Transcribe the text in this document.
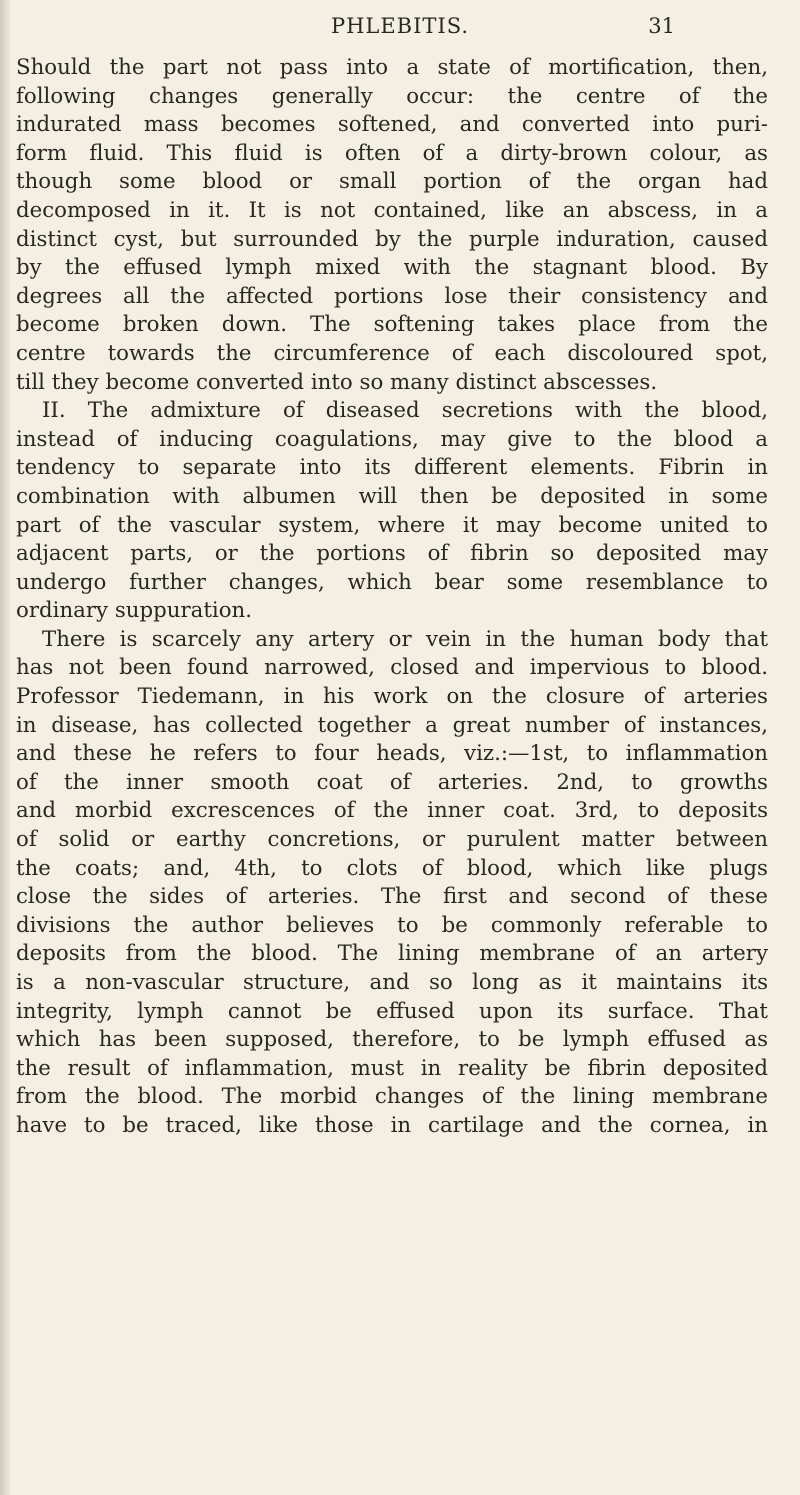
PHLEBITIS.	31
Should the part not pass into a state of mortification, then,
following changes generally occur: the centre of the
indurated mass becomes softened, and converted into puri-
form fluid. This fluid is often of a dirty-brown colour, as
though some blood or small portion of the organ had
decomposed in it. It is not contained, like an abscess, in a
distinct cyst, but surrounded by the purple induration, caused
by the effused lymph mixed with the stagnant blood. By
degrees all the affected portions lose their consistency and
become broken down. The softening takes place from the
centre towards the circumference of each discoloured spot,
till they become converted into so many distinct abscesses.
II. The admixture of diseased secretions with the blood,
instead of inducing coagulations, may give to the blood a
tendency to separate into its different elements. Fibrin in
combination with albumen will then be deposited in some
part of the vascular system, where it may become united to
adjacent parts, or the portions of fibrin so deposited may
undergo further changes, which bear some resemblance to
ordinary suppuration.
There is scarcely any artery or vein in the human body that
has not been found narrowed, closed and impervious to blood.
Professor Tiedemann, in his work on the closure of arteries
in disease, has collected together a great number of instances,
and these he refers to four heads, viz.:—1st, to inflammation
of the inner smooth coat of arteries. 2nd, to growths
and morbid excrescences of the inner coat. 3rd, to deposits
of solid or earthy concretions, or purulent matter between
the coats; and, 4th, to clots of blood, which like plugs
close the sides of arteries. The first and second of these
divisions the author believes to be commonly referable to
deposits from the blood. The lining membrane of an artery
is a non-vascular structure, and so long as it maintains its
integrity, lymph cannot be effused upon its surface. That
which has been supposed, therefore, to be lymph effused as
the result of inflammation, must in reality be fibrin deposited
from the blood. The morbid changes of the lining membrane
have to be traced, like those in cartilage and the cornea, in
